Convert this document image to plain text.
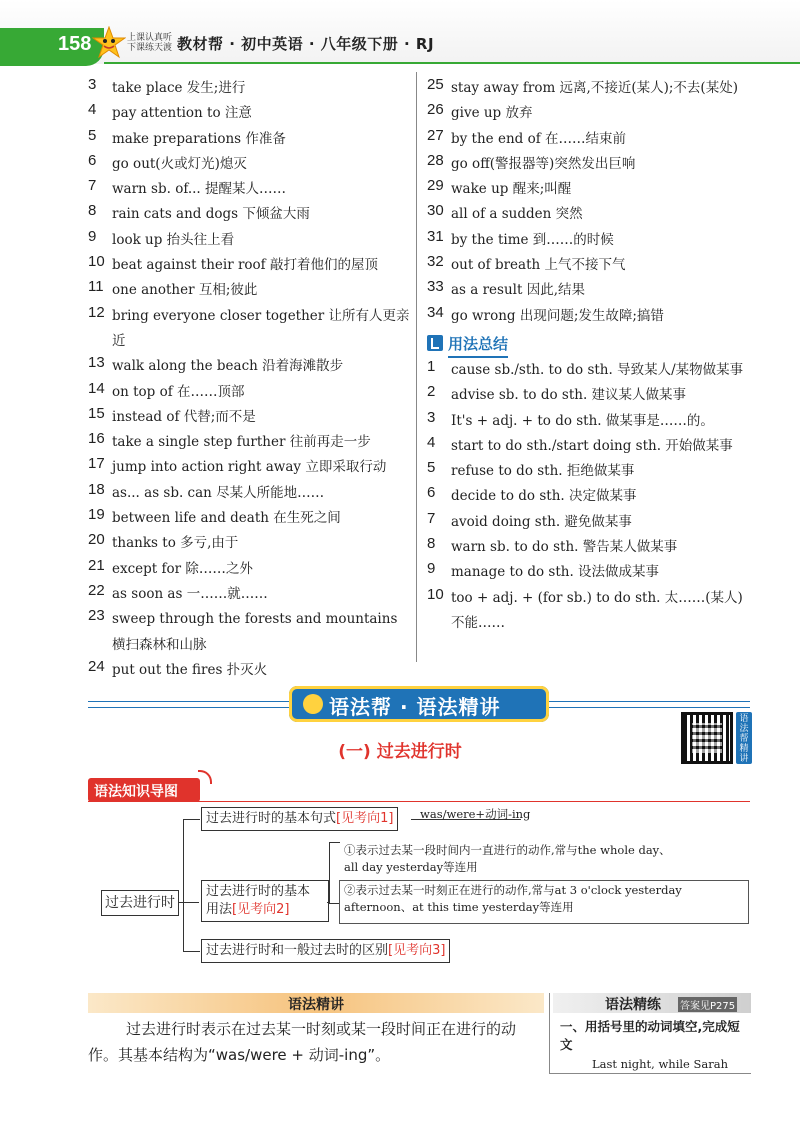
158	上课认真听
下课练天渡 教材帮 · 初中英语 · 八年级下册 · RJ
3	take place 发生;进行
4	pay attention to 注意
5	make preparations 作准备
6	go out(火或灯光)熄灭
7	warn sb. of... 提醒某人……
8	rain cats and dogs 下倾盆大雨
9	look up 抬头往上看
10 beat against their roof 敲打着他们的屋顶
11 one another 互相;彼此
12 bring everyone closer together 让所有人更亲近
13 walk along the beach 沿着海滩散步
14 on top of 在……顶部
15 instead of 代替;而不是
16 take a single step further 往前再走一步
17 jump into action right away 立即采取行动
18 as... as sb. can 尽某人所能地……
19 between life and death 在生死之间
20 thanks to 多亏,由于
21 except for 除……之外
22 as soon as 一……就……
23 sweep through the forests and mountains 横扫森林和山脉
24 put out the fires 扑灭火
25 stay away from 远离,不接近(某人);不去(某处)
26 give up 放弃
27 by the end of 在……结束前
28 go off(警报器等)突然发出巨响
29 wake up 醒来;叫醒
30 all of a sudden 突然
31 by the time 到……的时候
32 out of breath 上气不接下气
33 as a result 因此,结果
34 go wrong 出现问题;发生故障;搞错
用法总结
1	cause sb./sth. to do sth. 导致某人/某物做某事
2	advise sb. to do sth. 建议某人做某事
3	It's + adj. + to do sth. 做某事是……的。
4	start to do sth./start doing sth. 开始做某事
5	refuse to do sth. 拒绝做某事
6	decide to do sth. 决定做某事
7	avoid doing sth. 避免做某事
8	warn sb. to do sth. 警告某人做某事
9	manage to do sth. 设法做成某事
10 too + adj. + (for sb.) to do sth. 太……(某人)不能……
语法帮 · 语法精讲	语法帮精讲
(一) 过去进行时
语法知识导图
过去进行时
过去进行时的基本句式[见考向1]	was/were+动词-ing
过去进行时的基本
用法[见考向2]
①表示过去某一段时间内一直进行的动作,常与the whole day、
all day yesterday等连用
②表示过去某一时刻正在进行的动作,常与at 3 o'clock yesterday
afternoon、at this time yesterday等连用
过去进行时和一般过去时的区别[见考向3]
语法精讲	语法精练 答案见P275
过去进行时表示在过去某一时刻或某一段时间正在进行的动作。其基本结构为“was/were + 动词-ing”。
一、用括号里的动词填空,完成短文
Last night, while Sarah
